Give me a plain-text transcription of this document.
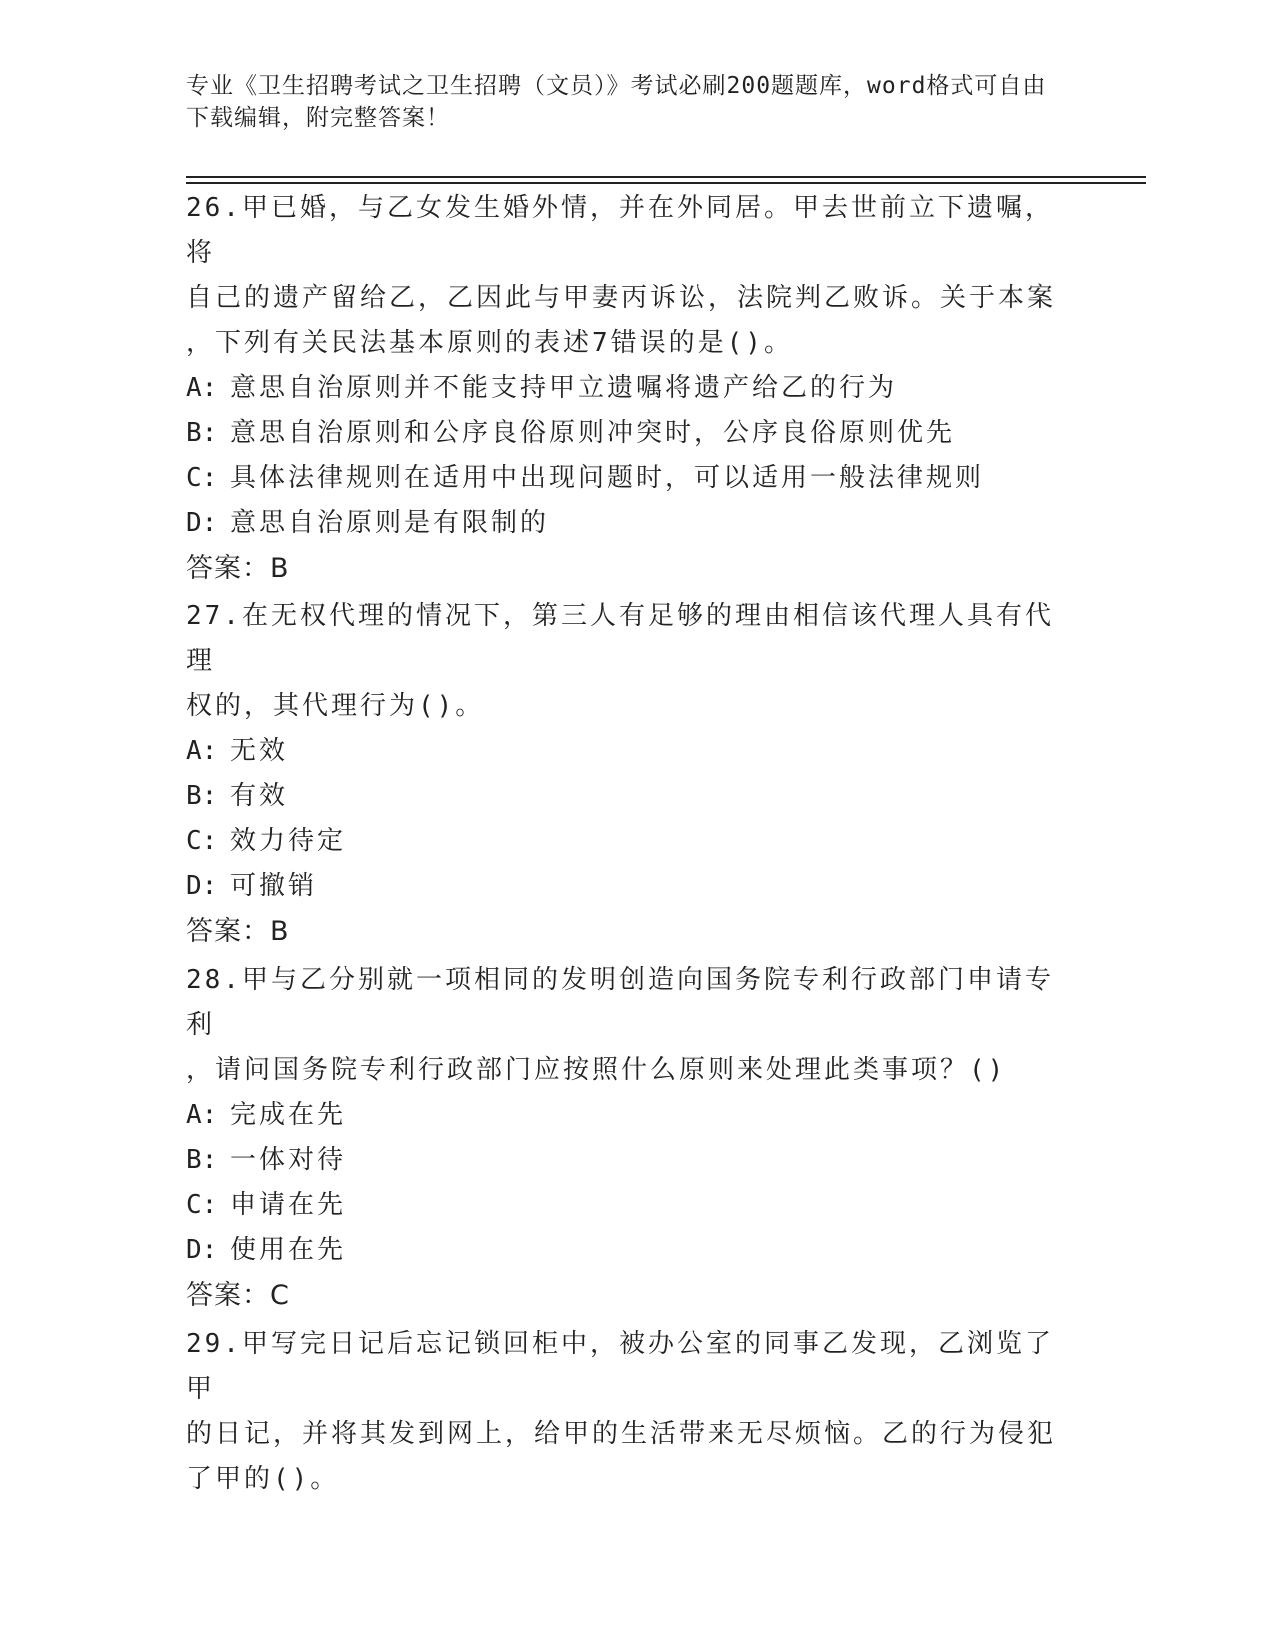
专业《卫生招聘考试之卫生招聘（文员）》考试必刷200题题库，word格式可自由下载编辑，附完整答案！

26.甲已婚，与乙女发生婚外情，并在外同居。甲去世前立下遗嘱，将

自己的遗产留给乙，乙因此与甲妻丙诉讼，法院判乙败诉。关于本案

，下列有关民法基本原则的表述7错误的是()。

A: 意思自治原则并不能支持甲立遗嘱将遗产给乙的行为

B: 意思自治原则和公序良俗原则冲突时，公序良俗原则优先

C: 具体法律规则在适用中出现问题时，可以适用一般法律规则

D: 意思自治原则是有限制的

答案：B

27.在无权代理的情况下，第三人有足够的理由相信该代理人具有代理

权的，其代理行为()。

A: 无效

B: 有效

C: 效力待定

D: 可撤销

答案：B

28.甲与乙分别就一项相同的发明创造向国务院专利行政部门申请专利

，请问国务院专利行政部门应按照什么原则来处理此类事项？()

A: 完成在先

B: 一体对待

C: 申请在先

D: 使用在先

答案：C

29.甲写完日记后忘记锁回柜中，被办公室的同事乙发现，乙浏览了甲

的日记，并将其发到网上，给甲的生活带来无尽烦恼。乙的行为侵犯

了甲的()。
